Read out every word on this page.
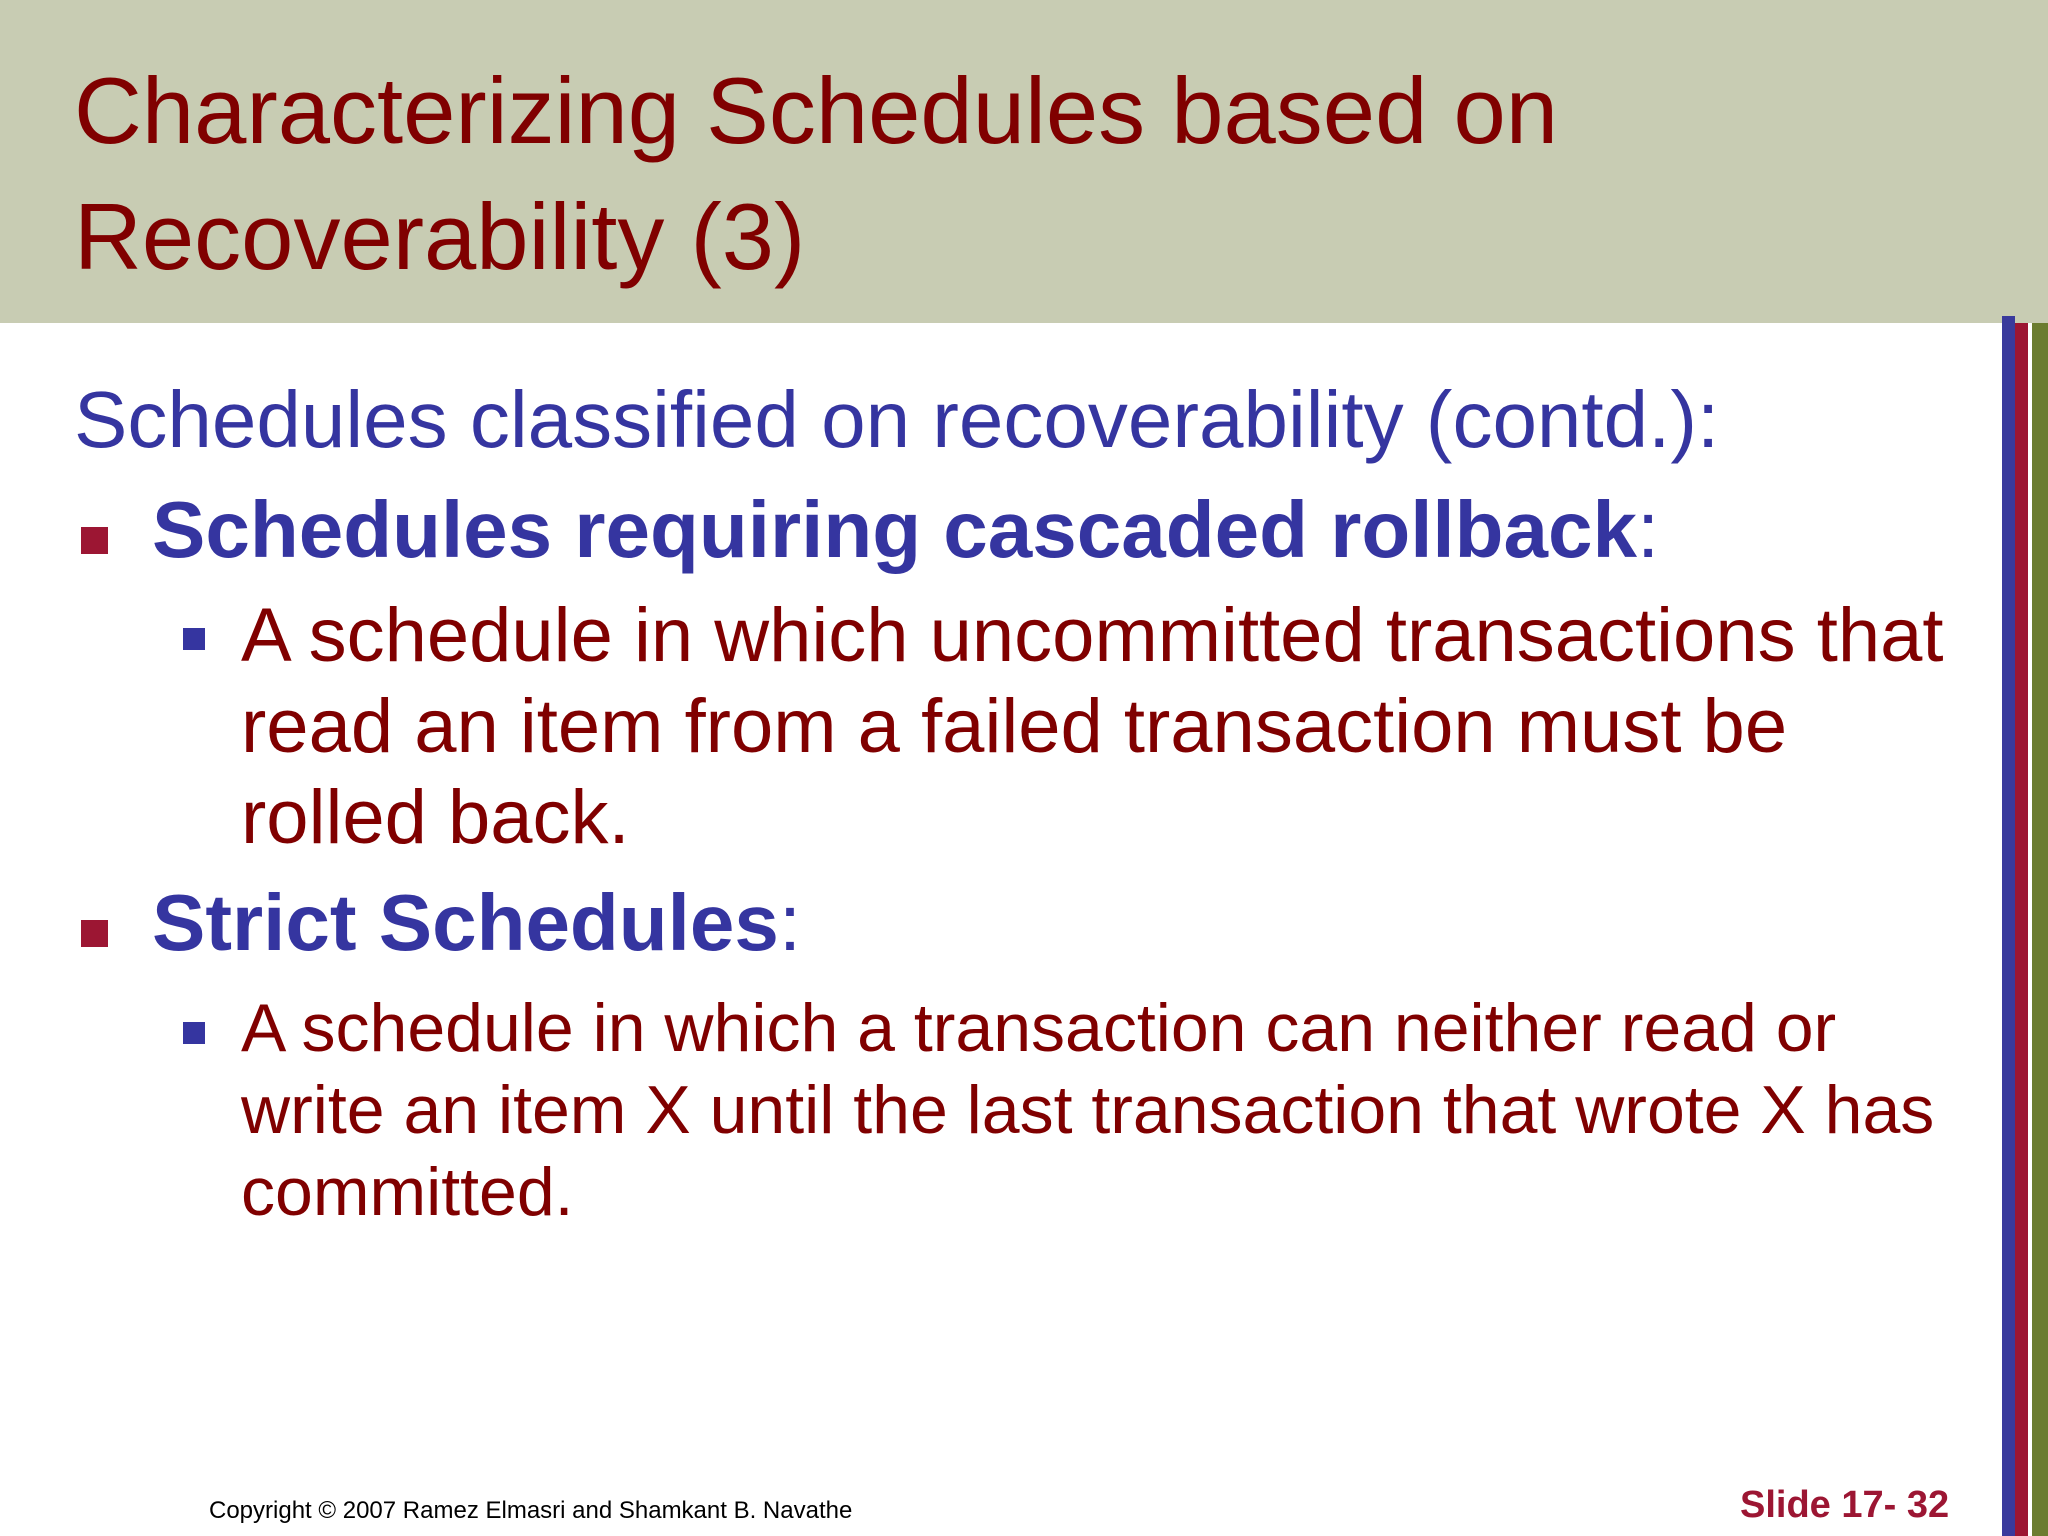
Characterizing Schedules based on Recoverability (3)

Schedules classified on recoverability (contd.):

Schedules requiring cascaded rollback:

A schedule in which uncommitted transactions that read an item from a failed transaction must be rolled back.

Strict Schedules:

A schedule in which a transaction can neither read or write an item X until the last transaction that wrote X has committed.

Copyright © 2007 Ramez Elmasri and Shamkant B. Navathe	Slide 17- 32
